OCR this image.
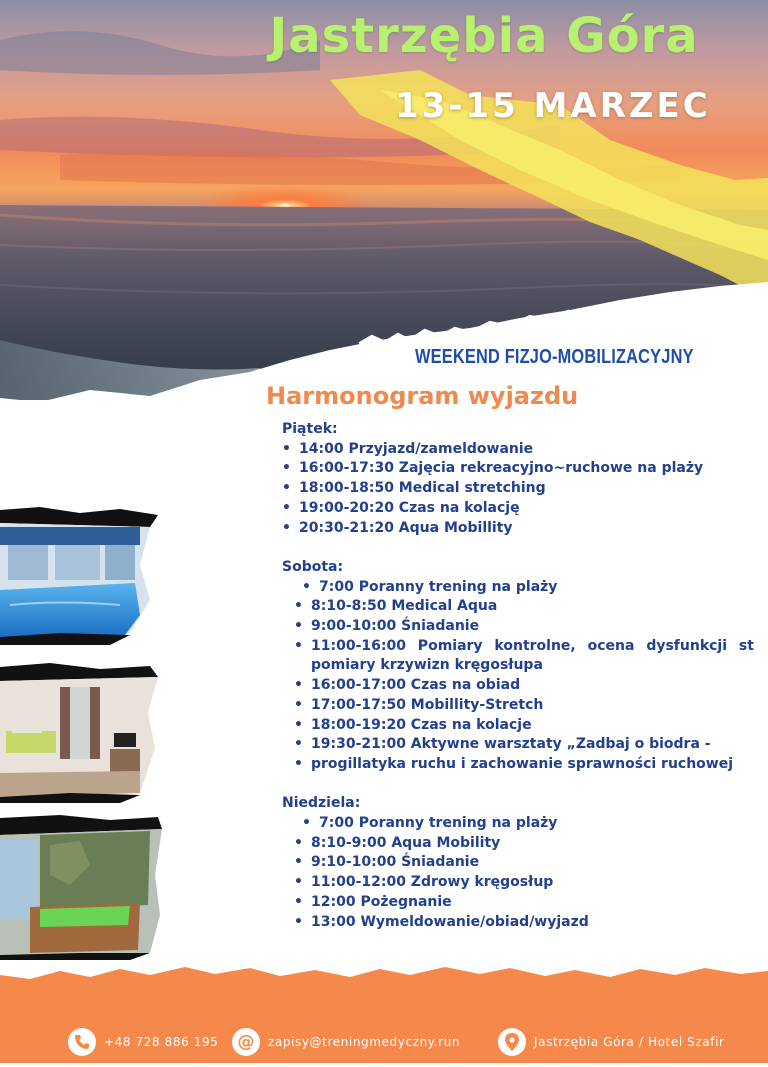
Jastrzębia Góra
13-15 MARZEC
WEEKEND FIZJO-MOBILIZACYJNY
Harmonogram wyjazdu
Piątek:
• 14:00 Przyjazd/zameldowanie
• 16:00-17:30 Zajęcia rekreacyjno~ruchowe na plaży
• 18:00-18:50 Medical stretching
• 19:00-20:20 Czas na kolację
• 20:30-21:20 Aqua Mobillity
Sobota:
• 7:00 Poranny trening na plaży
• 8:10-8:50 Medical Aqua
• 9:00-10:00 Śniadanie
• 11:00-16:00 Pomiary kontrolne, ocena dysfunkcji st
pomiary krzywizn kręgosłupa
• 16:00-17:00 Czas na obiad
• 17:00-17:50 Mobillity-Stretch
• 18:00-19:20 Czas na kolacje
• 19:30-21:00 Aktywne warsztaty „Zadbaj o biodra -
• progillatyka ruchu i zachowanie sprawności ruchowej
Niedziela:
• 7:00 Poranny trening na plaży
• 8:10-9:00 Aqua Mobility
• 9:10-10:00 Śniadanie
• 11:00-12:00 Zdrowy kręgosłup
• 12:00 Pożegnanie
• 13:00 Wymeldowanie/obiad/wyjazd
+48 728 886 195 @ zapisy@treningmedyczny.run	Jastrzębia Góra / Hotel Szafir
